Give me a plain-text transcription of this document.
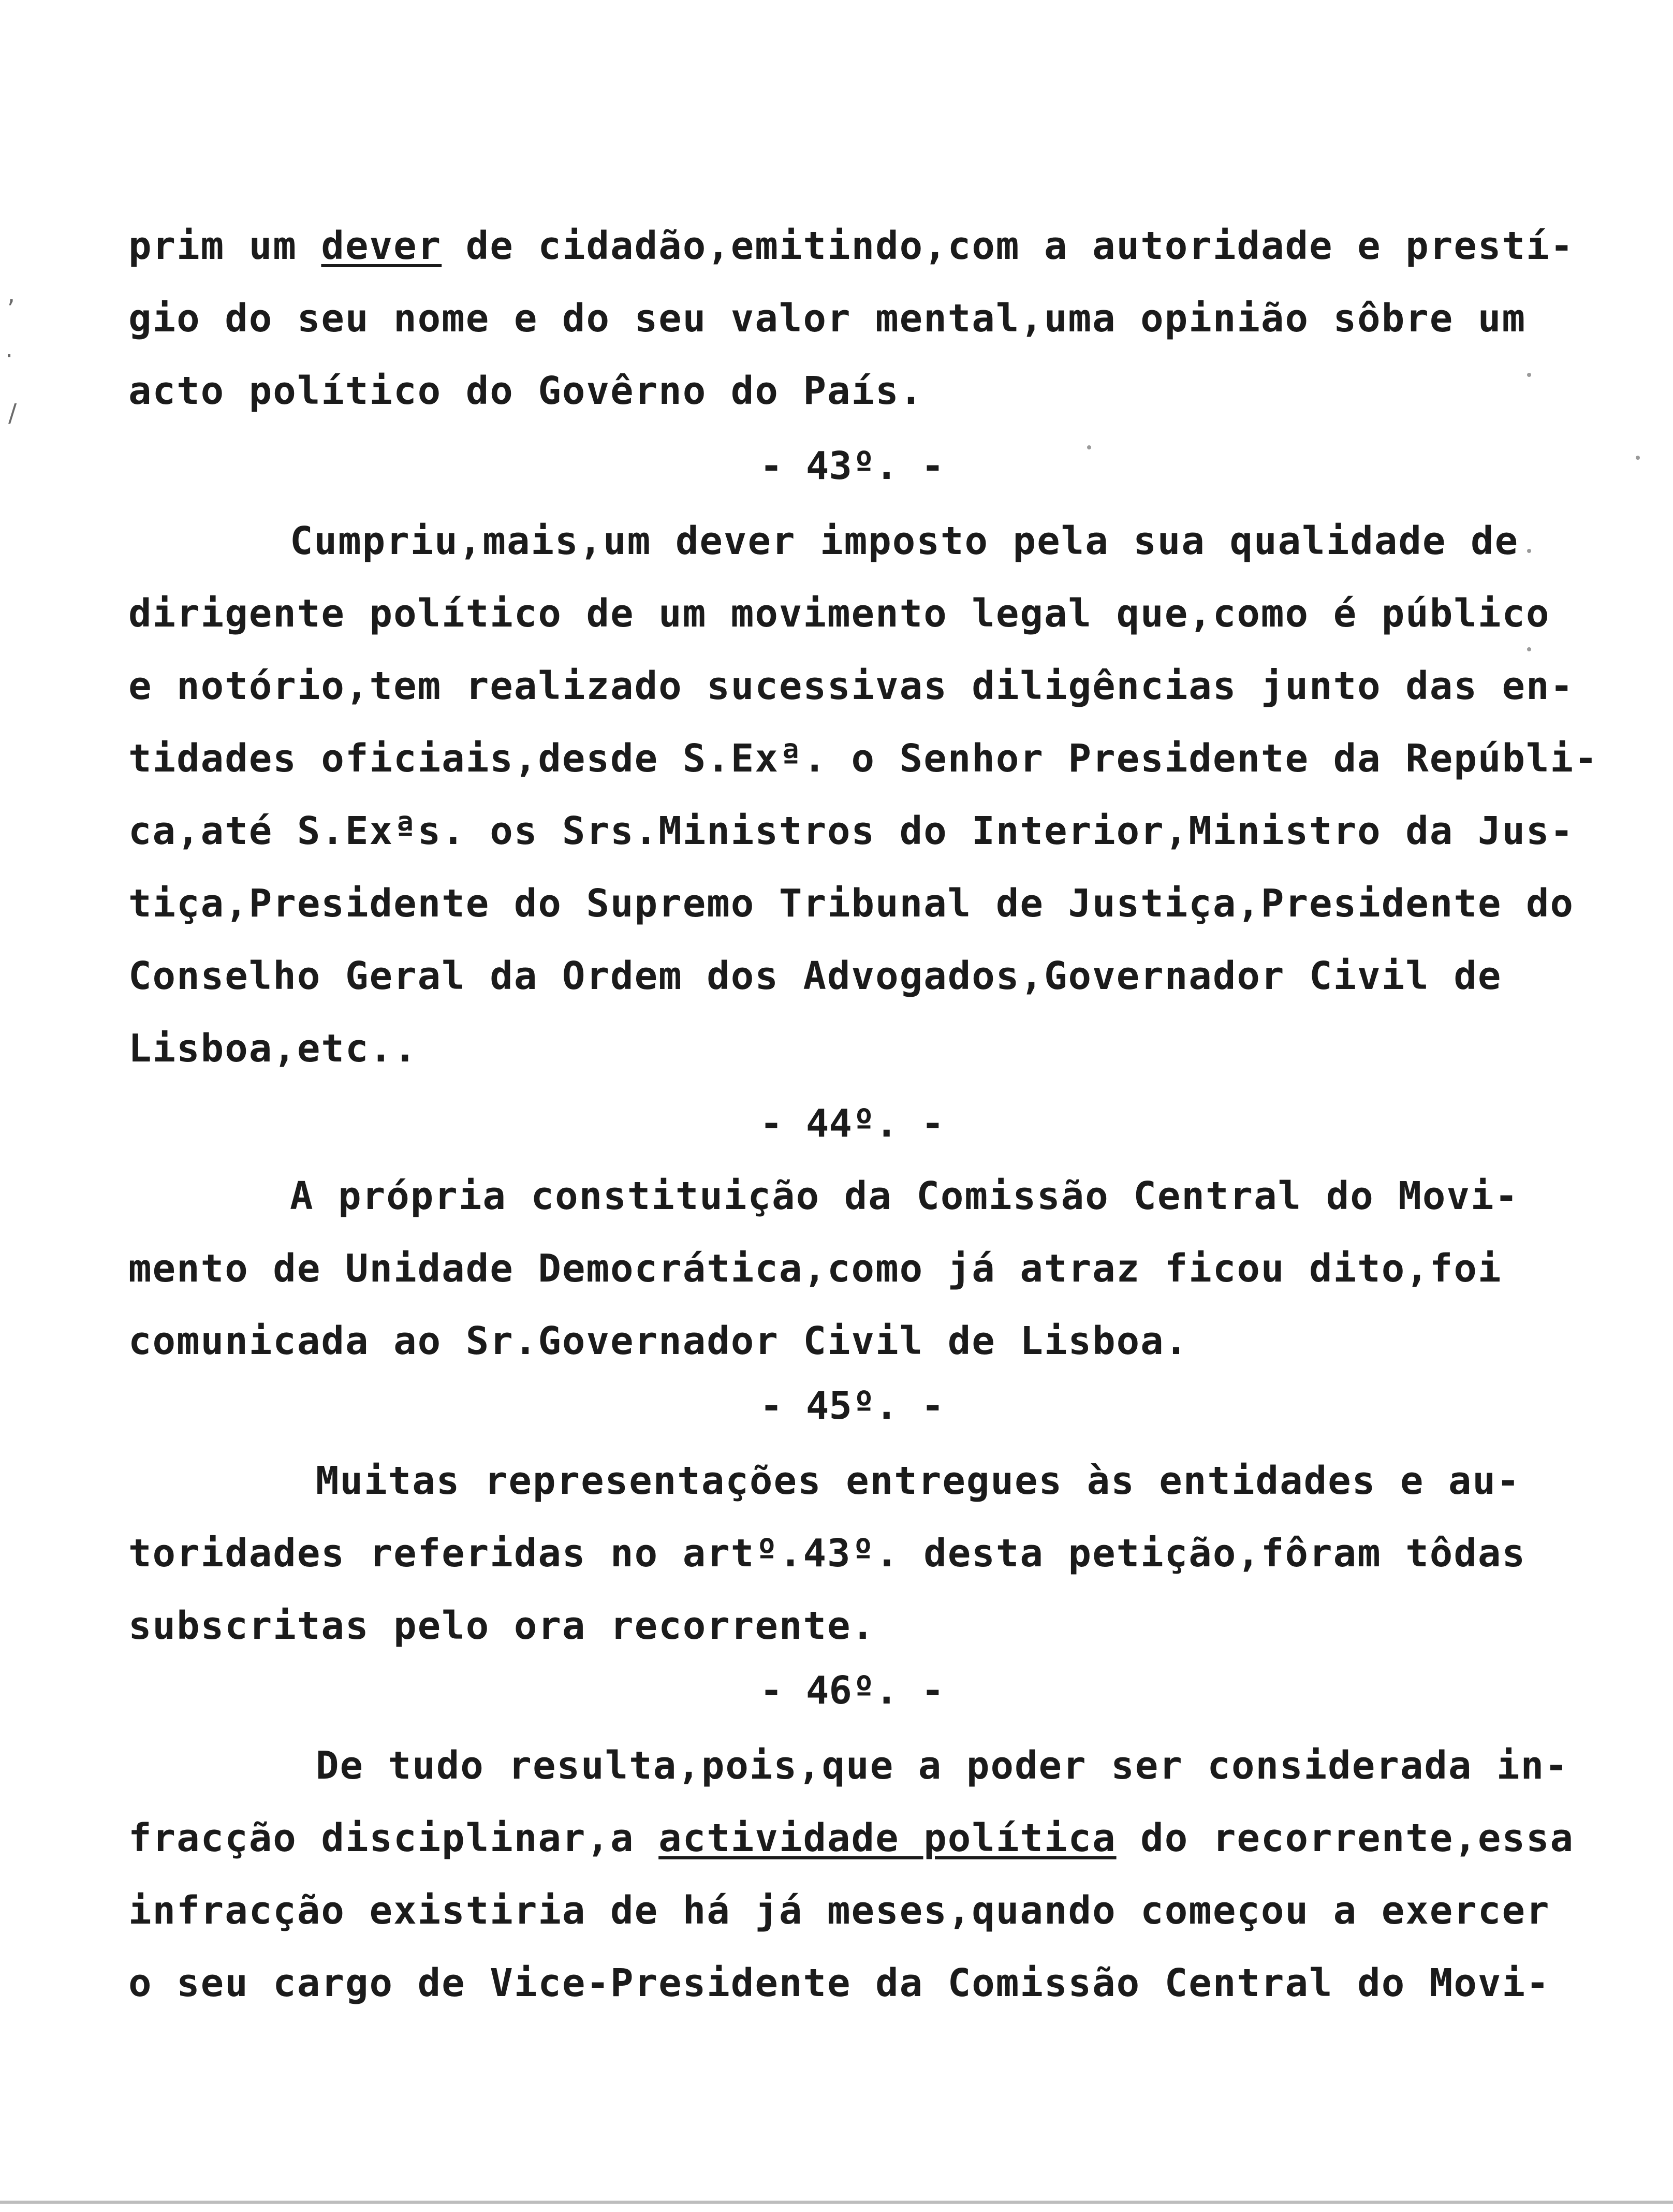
,
·
/
prim um dever de cidadão,emitindo,com a autoridade e prestí-
gio do seu nome e do seu valor mental,uma opinião sôbre um
acto político do Govêrno do País.
- 43º. -
Cumpriu,mais,um dever imposto pela sua qualidade de
dirigente político de um movimento legal que,como é público
e notório,tem realizado sucessivas diligências junto das en-
tidades oficiais,desde S.Exª. o Senhor Presidente da Repúbli-
ca,até S.Exªs. os Srs.Ministros do Interior,Ministro da Jus-
tiça,Presidente do Supremo Tribunal de Justiça,Presidente do
Conselho Geral da Ordem dos Advogados,Governador Civil de
Lisboa,etc..
- 44º. -
A própria constituição da Comissão Central do Movi-
mento de Unidade Democrática,como já atraz ficou dito,foi
comunicada ao Sr.Governador Civil de Lisboa.
- 45º. -
Muitas representações entregues às entidades e au-
toridades referidas no artº.43º. desta petição,fôram tôdas
subscritas pelo ora recorrente.
- 46º. -
De tudo resulta,pois,que a poder ser considerada in-
fracção disciplinar,a actividade política do recorrente,essa
infracção existiria de há já meses,quando começou a exercer
o seu cargo de Vice-Presidente da Comissão Central do Movi-
